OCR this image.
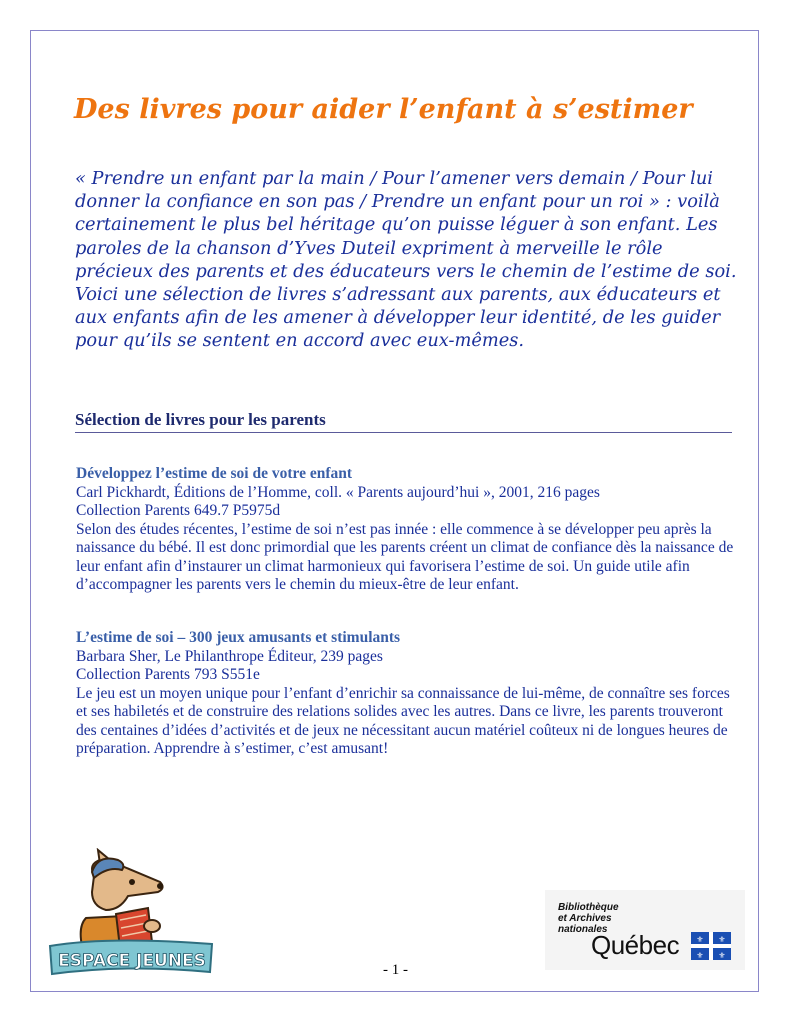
Des livres pour aider l’enfant à s’estimer

« Prendre un enfant par la main / Pour l’amener vers demain / Pour lui donner la confiance en son pas / Prendre un enfant pour un roi » : voilà certainement le plus bel héritage qu’on puisse léguer à son enfant. Les paroles de la chanson d’Yves Duteil expriment à merveille le rôle précieux des parents et des éducateurs vers le chemin de l’estime de soi. Voici une sélection de livres s’adressant aux parents, aux éducateurs et aux enfants afin de les amener à développer leur identité, de les guider pour qu’ils se sentent en accord avec eux-mêmes.

Sélection de livres pour les parents

Développez l’estime de soi de votre enfant

Carl Pickhardt, Éditions de l’Homme, coll. « Parents aujourd’hui », 2001, 216 pages

Collection Parents 649.7 P5975d

Selon des études récentes, l’estime de soi n’est pas innée : elle commence à se développer peu après la naissance du bébé. Il est donc primordial que les parents créent un climat de confiance dès la naissance de leur enfant afin d’instaurer un climat harmonieux qui favorisera l’estime de soi. Un guide utile afin d’accompagner les parents vers le chemin du mieux-être de leur enfant.

L’estime de soi – 300 jeux amusants et stimulants

Barbara Sher, Le Philanthrope Éditeur, 239 pages

Collection Parents 793 S551e

Le jeu est un moyen unique pour l’enfant d’enrichir sa connaissance de lui-même, de connaître ses forces et ses habiletés et de construire des relations solides avec les autres. Dans ce livre, les parents trouveront des centaines d’idées d’activités et de jeux ne nécessitant aucun matériel coûteux ni de longues heures de préparation. Apprendre à s’estimer, c’est amusant!

ESPACE JEUNES	- 1 -
Bibliothèque
et Archives
nationales
Québec ⚜ ⚜
⚜ ⚜
